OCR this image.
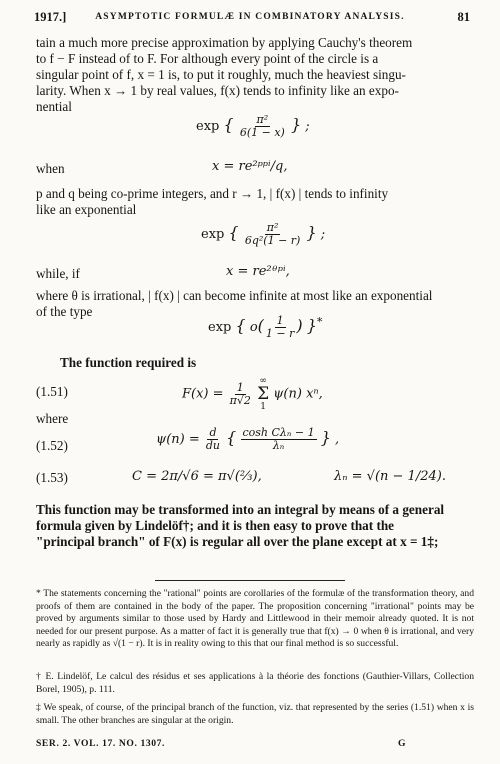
1917.]	ASYMPTOTIC FORMULÆ IN COMBINATORY ANALYSIS.	81
tain a much more precise approximation by applying Cauchy's theorem
to f − F instead of to F. For although every point of the circle is a
singular point of f, x = 1 is, to put it roughly, much the heaviest singu-
larity. When x → 1 by real values, f(x) tends to infinity like an expo-
nential
exp { $\frac{\text{π²}}{6(1 - x)}$ } ;
when	x = re²ᵖᵖⁱ/q,
p and q being co-prime integers, and r → 1, | f(x) | tends to infinity
like an exponential
exp { $\frac{\text{π²}}{\text{6q²(1 − r)}}$ } ;
while, if	x = re²ᶿᵖⁱ,
where θ is irrational, | f(x) | can become infinite at most like an exponential
of the type
exp { $o( \frac{1}{1 - r}$ ) }*
The function required is
(1.51)	$F(x) = \frac{1}{\pi√2}$

∞
Σ
1
ψ(n) xⁿ,
where
(1.52)	$\psi(n) = \frac{d}{du}$ { $\frac{\text{cosh Cλₙ − 1}}{\text{λₙ}}$ } ,
(1.53)	C = 2π/√6 = π√(⅔),	λₙ = √(n − 1/24).
This function may be transformed into an integral by means of a general
formula given by Lindelöf†; and it is then easy to prove that the
"principal branch" of F(x) is regular all over the plane except at x = 1‡;
* The statements concerning the "rational" points are corollaries of the formulæ of the transformation theory, and proofs of them are contained in the body of the paper. The proposition concerning "irrational" points may be proved by arguments similar to those used by Hardy and Littlewood in their memoir already quoted. It is not needed for our present purpose. As a matter of fact it is generally true that f(x) → 0 when θ is irrational, and very nearly as rapidly as √(1 − r). It is in reality owing to this that our final method is so successful.
† E. Lindelöf, Le calcul des résidus et ses applications à la théorie des fonctions (Gauthier-Villars, Collection Borel, 1905), p. 111.
‡ We speak, of course, of the principal branch of the function, viz. that represented by the series (1.51) when x is small. The other branches are singular at the origin.
SER. 2. VOL. 17. NO. 1307.	G
